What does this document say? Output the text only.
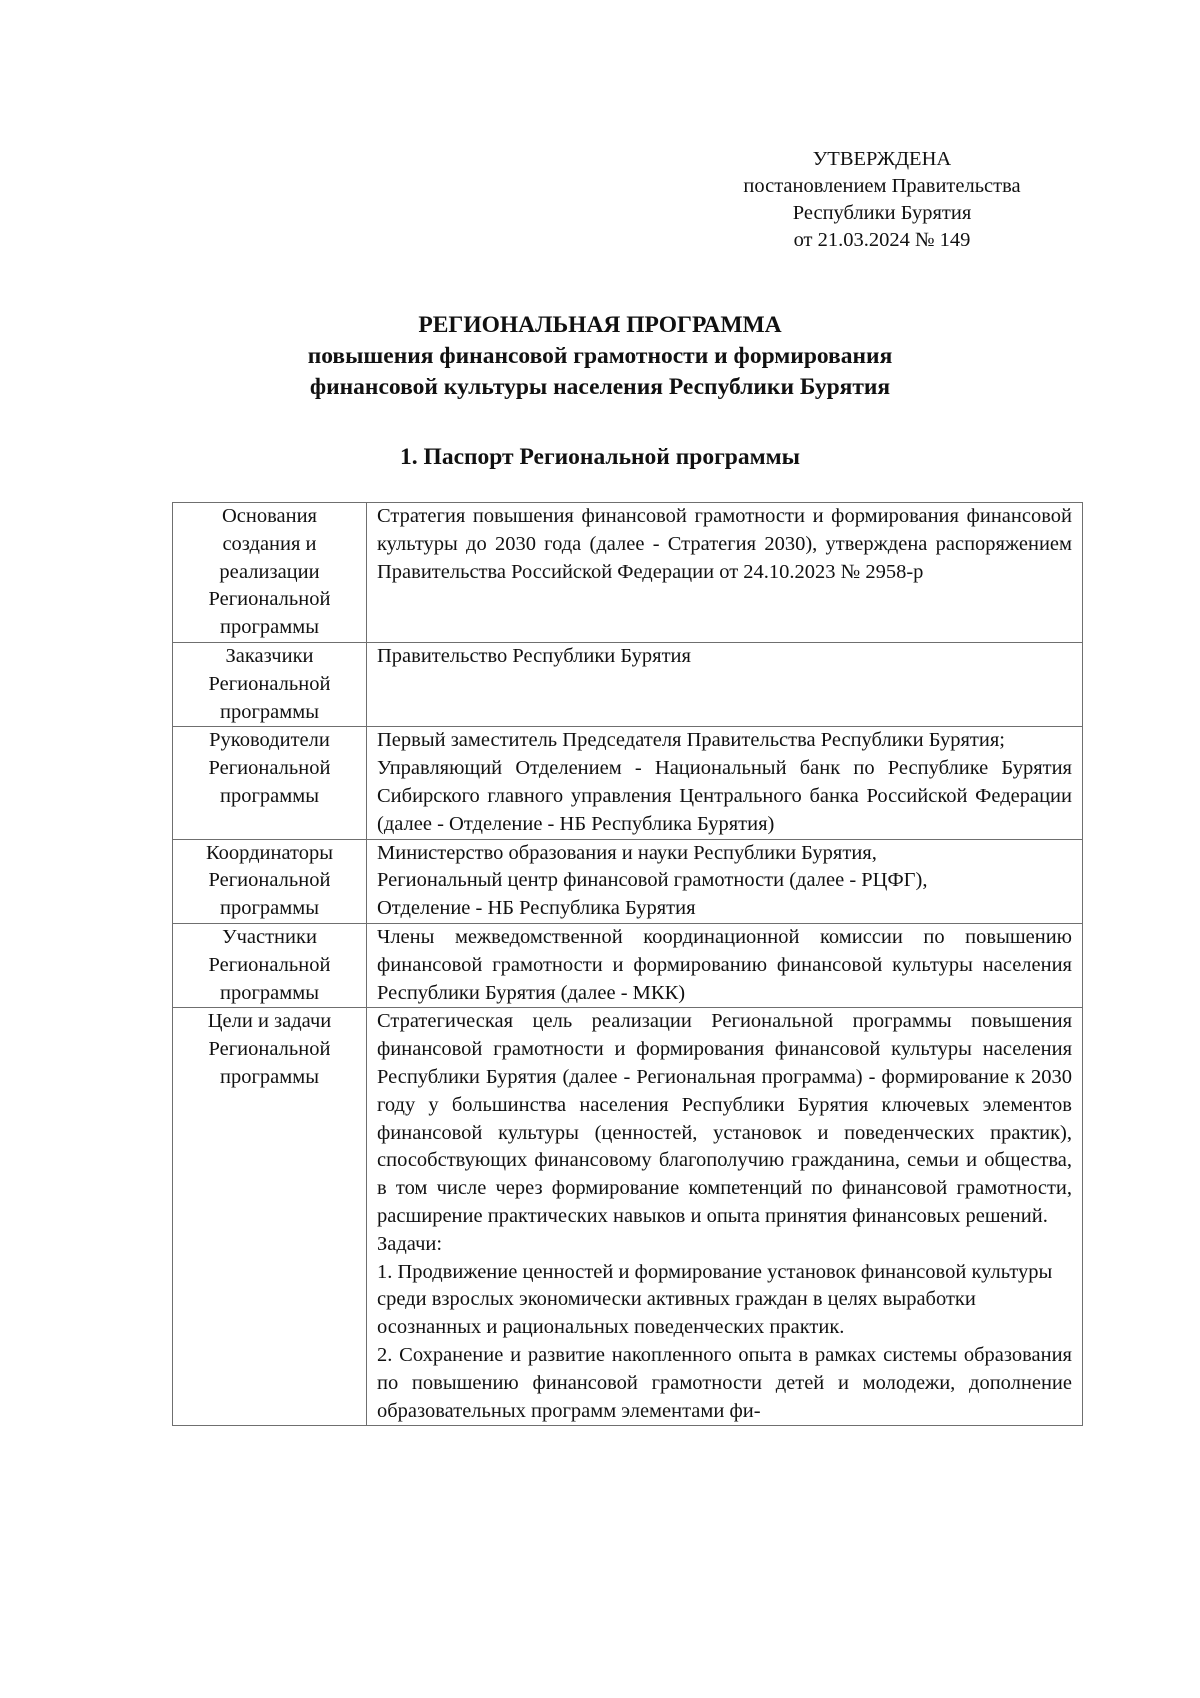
УТВЕРЖДЕНА
постановлением Правительства
Республики Бурятия
от 21.03.2024 № 149
РЕГИОНАЛЬНАЯ ПРОГРАММА
повышения финансовой грамотности и формирования
финансовой культуры населения Республики Бурятия
1. Паспорт Региональной программы
Основания создания и реализации Региональной программы	Стратегия повышения финансовой грамотности и формирования финансовой культуры до 2030 года (далее - Стратегия 2030), утверждена распоряжением Правительства Российской Федерации от 24.10.2023 № 2958-р

Заказчики Региональной программы	Правительство Республики Бурятия

Руководители Региональной программы	Первый заместитель Председателя Правительства Республики Бурятия;
Управляющий Отделением - Национальный банк по Республике Бурятия Сибирского главного управления Центрального банка Российской Федерации (далее - Отделение - НБ Республика Бурятия)

Координаторы Региональной программы	Министерство образования и науки Республики Бурятия,
Региональный центр финансовой грамотности (далее - РЦФГ),
Отделение - НБ Республика Бурятия

Участники Региональной программы	Члены межведомственной координационной комиссии по повышению финансовой грамотности и формированию финансовой культуры населения Республики Бурятия (далее - МКК)

Цели и задачи Региональной программы	Стратегическая цель реализации Региональной программы повышения финансовой грамотности и формирования финансовой культуры населения Республики Бурятия (далее - Региональная программа) - формирование к 2030 году у большинства населения Республики Бурятия ключевых элементов финансовой культуры (ценностей, установок и поведенческих практик), способствующих финансовому благополучию гражданина, семьи и общества, в том числе через формирование компетенций по финансовой грамотности, расширение практических навыков и опыта принятия финансовых решений.
Задачи:
1. Продвижение ценностей и формирование установок финансовой культуры среди взрослых экономически активных граждан в целях выработки осознанных и рациональных поведенческих практик.
2. Сохранение и развитие накопленного опыта в рамках системы образования по повышению финансовой грамотности детей и молодежи, дополнение образовательных программ элементами фи-
